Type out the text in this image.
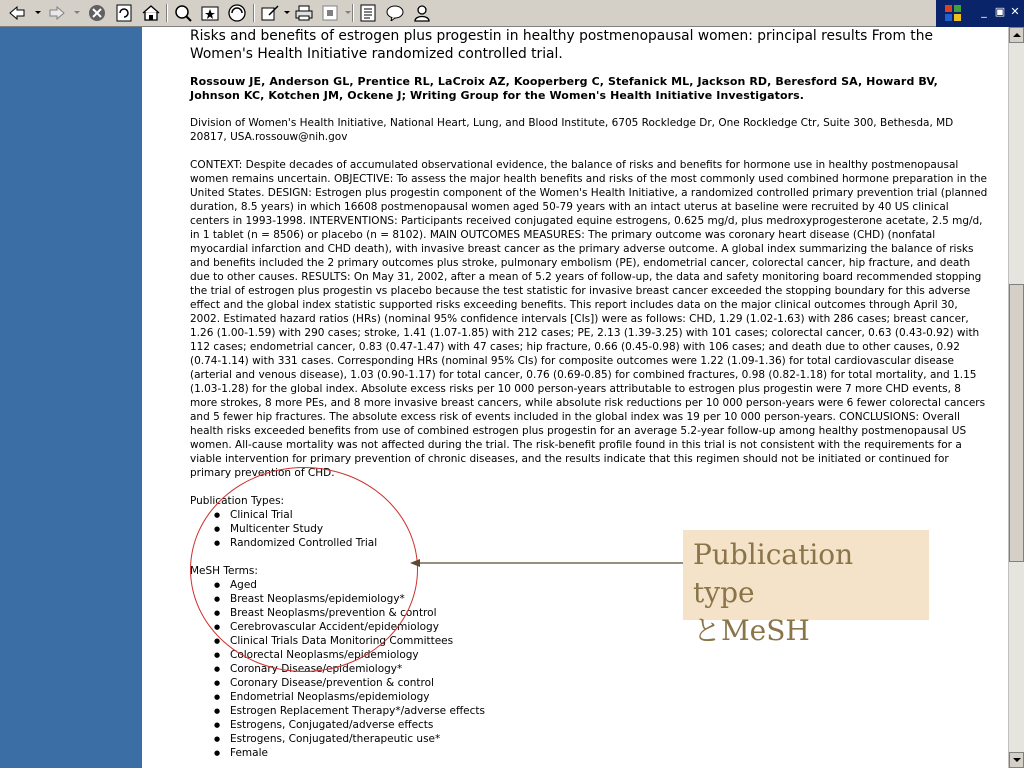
_ ▣ ✕
Risks and benefits of estrogen plus progestin in healthy postmenopausal women: principal results From the Women's Health Initiative randomized controlled trial.
Rossouw JE, Anderson GL, Prentice RL, LaCroix AZ, Kooperberg C, Stefanick ML, Jackson RD, Beresford SA, Howard BV, Johnson KC, Kotchen JM, Ockene J; Writing Group for the Women's Health Initiative Investigators.
Division of Women's Health Initiative, National Heart, Lung, and Blood Institute, 6705 Rockledge Dr, One Rockledge Ctr, Suite 300, Bethesda, MD 20817, USA.rossouw@nih.gov
CONTEXT: Despite decades of accumulated observational evidence, the balance of risks and benefits for hormone use in healthy postmenopausal women remains uncertain. OBJECTIVE: To assess the major health benefits and risks of the most commonly used combined hormone preparation in the United States. DESIGN: Estrogen plus progestin component of the Women's Health Initiative, a randomized controlled primary prevention trial (planned duration, 8.5 years) in which 16608 postmenopausal women aged 50-79 years with an intact uterus at baseline were recruited by 40 US clinical centers in 1993-1998. INTERVENTIONS: Participants received conjugated equine estrogens, 0.625 mg/d, plus medroxyprogesterone acetate, 2.5 mg/d, in 1 tablet (n = 8506) or placebo (n = 8102). MAIN OUTCOMES MEASURES: The primary outcome was coronary heart disease (CHD) (nonfatal myocardial infarction and CHD death), with invasive breast cancer as the primary adverse outcome. A global index summarizing the balance of risks and benefits included the 2 primary outcomes plus stroke, pulmonary embolism (PE), endometrial cancer, colorectal cancer, hip fracture, and death due to other causes. RESULTS: On May 31, 2002, after a mean of 5.2 years of follow-up, the data and safety monitoring board recommended stopping the trial of estrogen plus progestin vs placebo because the test statistic for invasive breast cancer exceeded the stopping boundary for this adverse effect and the global index statistic supported risks exceeding benefits. This report includes data on the major clinical outcomes through April 30, 2002. Estimated hazard ratios (HRs) (nominal 95% confidence intervals [CIs]) were as follows: CHD, 1.29 (1.02-1.63) with 286 cases; breast cancer, 1.26 (1.00-1.59) with 290 cases; stroke, 1.41 (1.07-1.85) with 212 cases; PE, 2.13 (1.39-3.25) with 101 cases; colorectal cancer, 0.63 (0.43-0.92) with 112 cases; endometrial cancer, 0.83 (0.47-1.47) with 47 cases; hip fracture, 0.66 (0.45-0.98) with 106 cases; and death due to other causes, 0.92 (0.74-1.14) with 331 cases. Corresponding HRs (nominal 95% CIs) for composite outcomes were 1.22 (1.09-1.36) for total cardiovascular disease (arterial and venous disease), 1.03 (0.90-1.17) for total cancer, 0.76 (0.69-0.85) for combined fractures, 0.98 (0.82-1.18) for total mortality, and 1.15 (1.03-1.28) for the global index. Absolute excess risks per 10 000 person-years attributable to estrogen plus progestin were 7 more CHD events, 8 more strokes, 8 more PEs, and 8 more invasive breast cancers, while absolute risk reductions per 10 000 person-years were 6 fewer colorectal cancers and 5 fewer hip fractures. The absolute excess risk of events included in the global index was 19 per 10 000 person-years. CONCLUSIONS: Overall health risks exceeded benefits from use of combined estrogen plus progestin for an average 5.2-year follow-up among healthy postmenopausal US women. All-cause mortality was not affected during the trial. The risk-benefit profile found in this trial is not consistent with the requirements for a viable intervention for primary prevention of chronic diseases, and the results indicate that this regimen should not be initiated or continued for primary prevention of CHD.
Publication Types:
● Clinical Trial
● Multicenter Study
● Randomized Controlled Trial
MeSH Terms:
● Aged
● Breast Neoplasms/epidemiology*
● Breast Neoplasms/prevention & control
● Cerebrovascular Accident/epidemiology
● Clinical Trials Data Monitoring Committees
● Colorectal Neoplasms/epidemiology
● Coronary Disease/epidemiology*
● Coronary Disease/prevention & control
● Endometrial Neoplasms/epidemiology
● Estrogen Replacement Therapy*/adverse effects
● Estrogens, Conjugated/adverse effects
● Estrogens, Conjugated/therapeutic use*
● Female
Publication type
とMeSH
